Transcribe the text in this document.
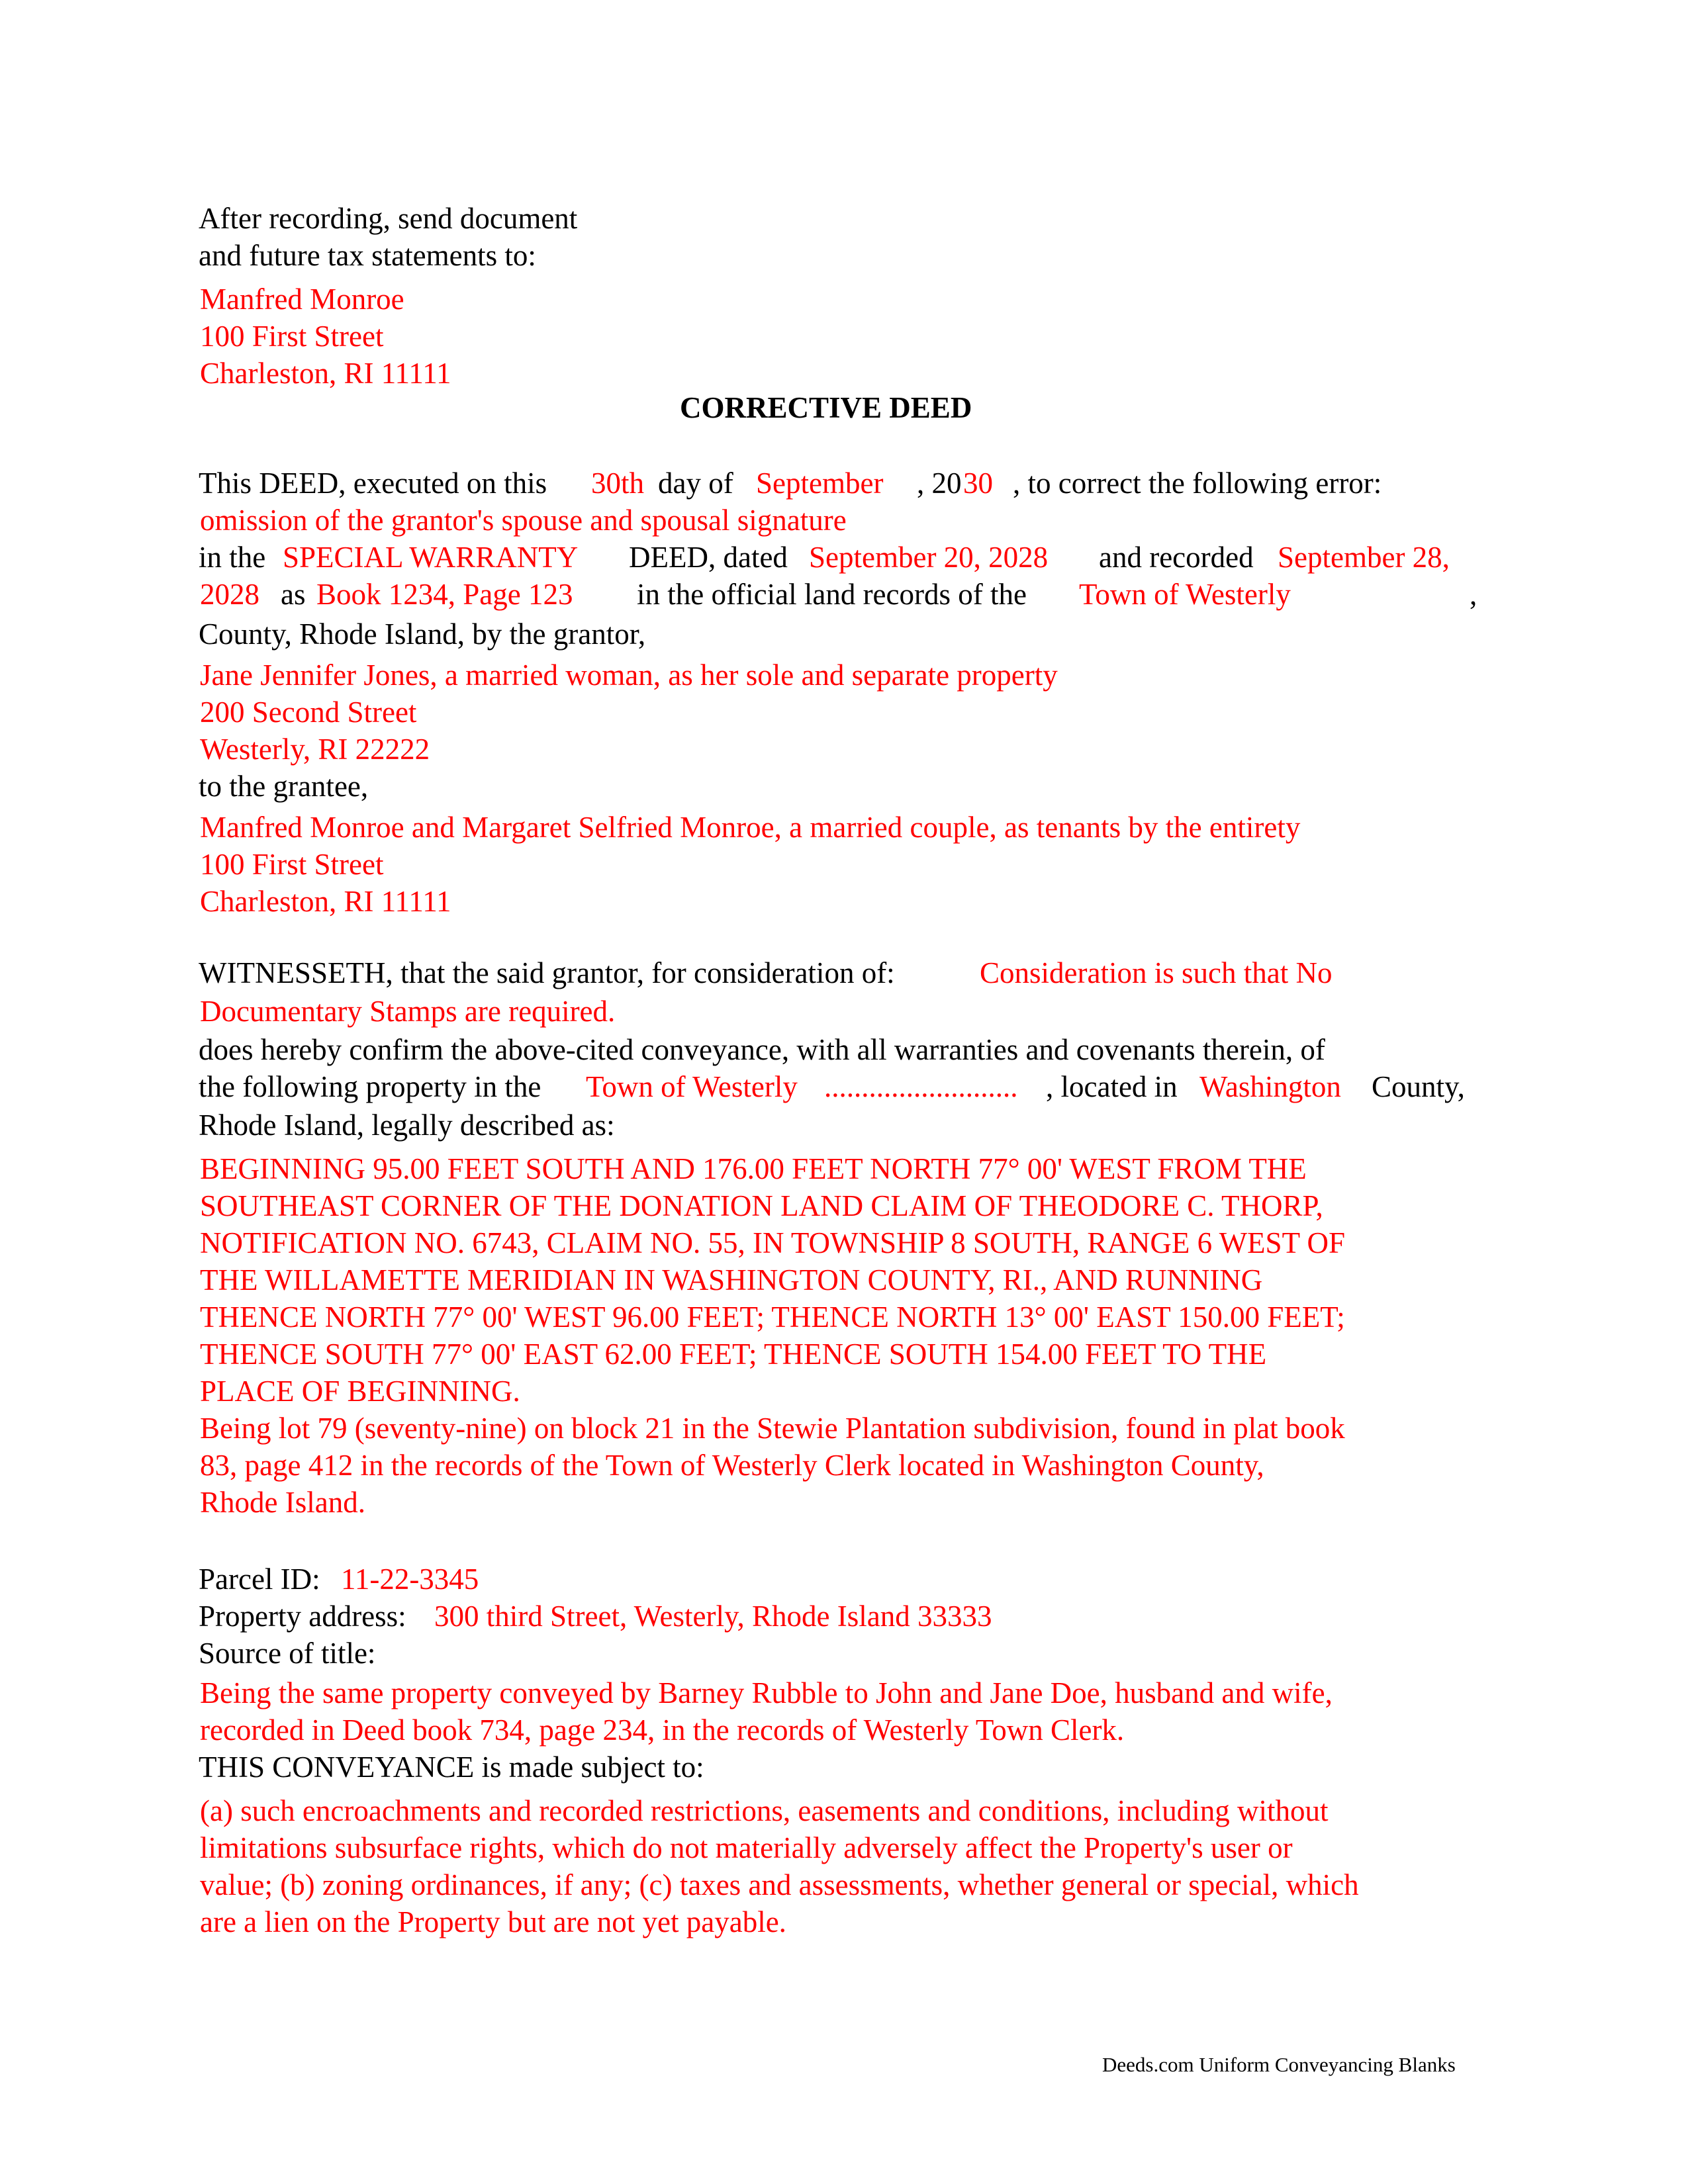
After recording, send document
and future tax statements to:
Manfred Monroe
100 First Street
Charleston, RI 11111
CORRECTIVE DEED
This DEED, executed on this 30th day of September , 20 30 , to correct the following error:
omission of the grantor's spouse and spousal signature
in the SPECIAL WARRANTY DEED, dated September 20, 2028 and recorded September 28,
2028 as Book 1234, Page 123 in the official land records of the Town of Westerly	,
County, Rhode Island, by the grantor,
Jane Jennifer Jones, a married woman, as her sole and separate property
200 Second Street
Westerly, RI 22222
to the grantee,
Manfred Monroe and Margaret Selfried Monroe, a married couple, as tenants by the entirety
100 First Street
Charleston, RI 11111
WITNESSETH, that the said grantor, for consideration of:	Consideration is such that No
Documentary Stamps are required.
does hereby confirm the above-cited conveyance, with all warranties and covenants therein, of
the following property in the Town of Westerly .......................... , located in Washington County,
Rhode Island, legally described as:
BEGINNING 95.00 FEET SOUTH AND 176.00 FEET NORTH 77° 00' WEST FROM THE
SOUTHEAST CORNER OF THE DONATION LAND CLAIM OF THEODORE C. THORP,
NOTIFICATION NO. 6743, CLAIM NO. 55, IN TOWNSHIP 8 SOUTH, RANGE 6 WEST OF
THE WILLAMETTE MERIDIAN IN WASHINGTON COUNTY, RI., AND RUNNING
THENCE NORTH 77° 00' WEST 96.00 FEET; THENCE NORTH 13° 00' EAST 150.00 FEET;
THENCE SOUTH 77° 00' EAST 62.00 FEET; THENCE SOUTH 154.00 FEET TO THE
PLACE OF BEGINNING.
Being lot 79 (seventy-nine) on block 21 in the Stewie Plantation subdivision, found in plat book
83, page 412 in the records of the Town of Westerly Clerk located in Washington County,
Rhode Island.
Parcel ID: 11-22-3345
Property address: 300 third Street, Westerly, Rhode Island 33333
Source of title:
Being the same property conveyed by Barney Rubble to John and Jane Doe, husband and wife,
recorded in Deed book 734, page 234, in the records of Westerly Town Clerk.
THIS CONVEYANCE is made subject to:
(a) such encroachments and recorded restrictions, easements and conditions, including without
limitations subsurface rights, which do not materially adversely affect the Property's user or
value; (b) zoning ordinances, if any; (c) taxes and assessments, whether general or special, which
are a lien on the Property but are not yet payable.
Deeds.com Uniform Conveyancing Blanks
